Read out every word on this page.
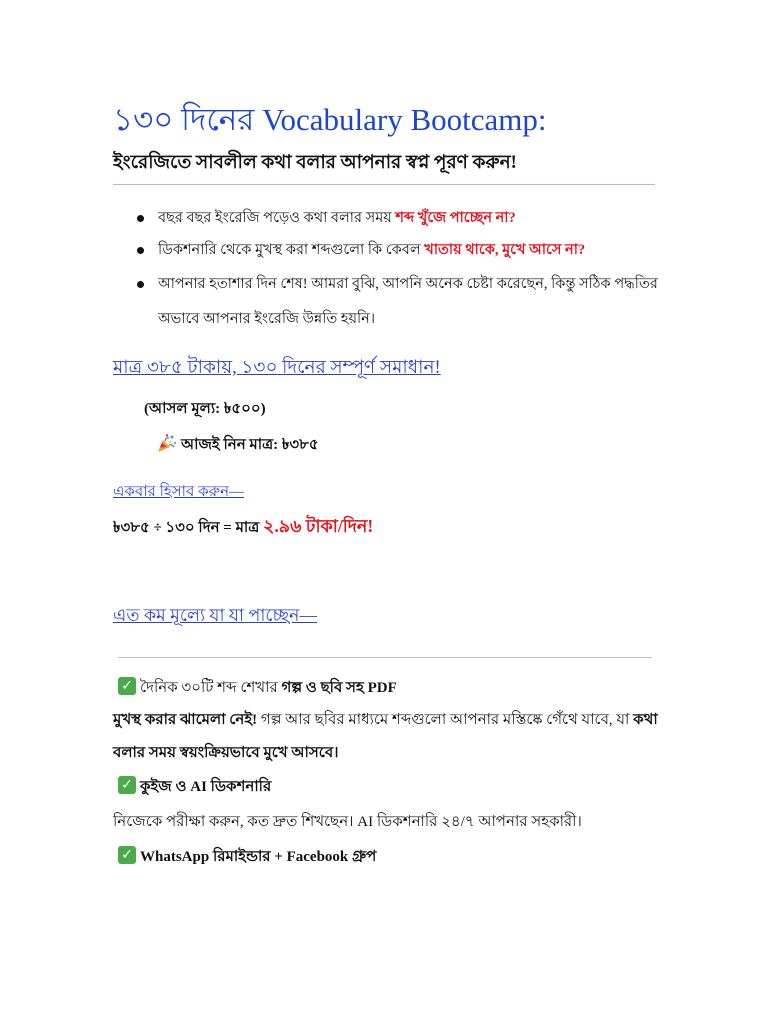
১৩০ দিনের Vocabulary Bootcamp:
ইংরেজিতে সাবলীল কথা বলার আপনার স্বপ্ন পূরণ করুন!
বছর বছর ইংরেজি পড়েও কথা বলার সময় শব্দ খুঁজে পাচ্ছেন না?
ডিকশনারি থেকে মুখস্থ করা শব্দগুলো কি কেবল খাতায় থাকে, মুখে আসে না?
আপনার হতাশার দিন শেষ! আমরা বুঝি, আপনি অনেক চেষ্টা করেছেন, কিন্তু সঠিক পদ্ধতির অভাবে আপনার ইংরেজি উন্নতি হয়নি।
মাত্র ৩৮৫ টাকায়, ১৩০ দিনের সম্পূর্ণ সমাধান!
(আসল মূল্য: ৳৫০০)
আজই নিন মাত্র: ৳৩৮৫
একবার হিসাব করুন—
৳৩৮৫ ÷ ১৩০ দিন = মাত্র ২.৯৬ টাকা/দিন!
এত কম মূল্যে যা যা পাচ্ছেন—
✓দৈনিক ৩০টি শব্দ শেখার গল্প ও ছবি সহ PDF
মুখস্থ করার ঝামেলা নেই! গল্প আর ছবির মাধ্যমে শব্দগুলো আপনার মস্তিষ্কে গেঁথে যাবে, যা কথা বলার সময় স্বয়ংক্রিয়ভাবে মুখে আসবে।
✓কুইজ ও AI ডিকশনারি
নিজেকে পরীক্ষা করুন, কত দ্রুত শিখছেন। AI ডিকশনারি ২৪/৭ আপনার সহকারী।
✓WhatsApp রিমাইন্ডার + Facebook গ্রুপ
